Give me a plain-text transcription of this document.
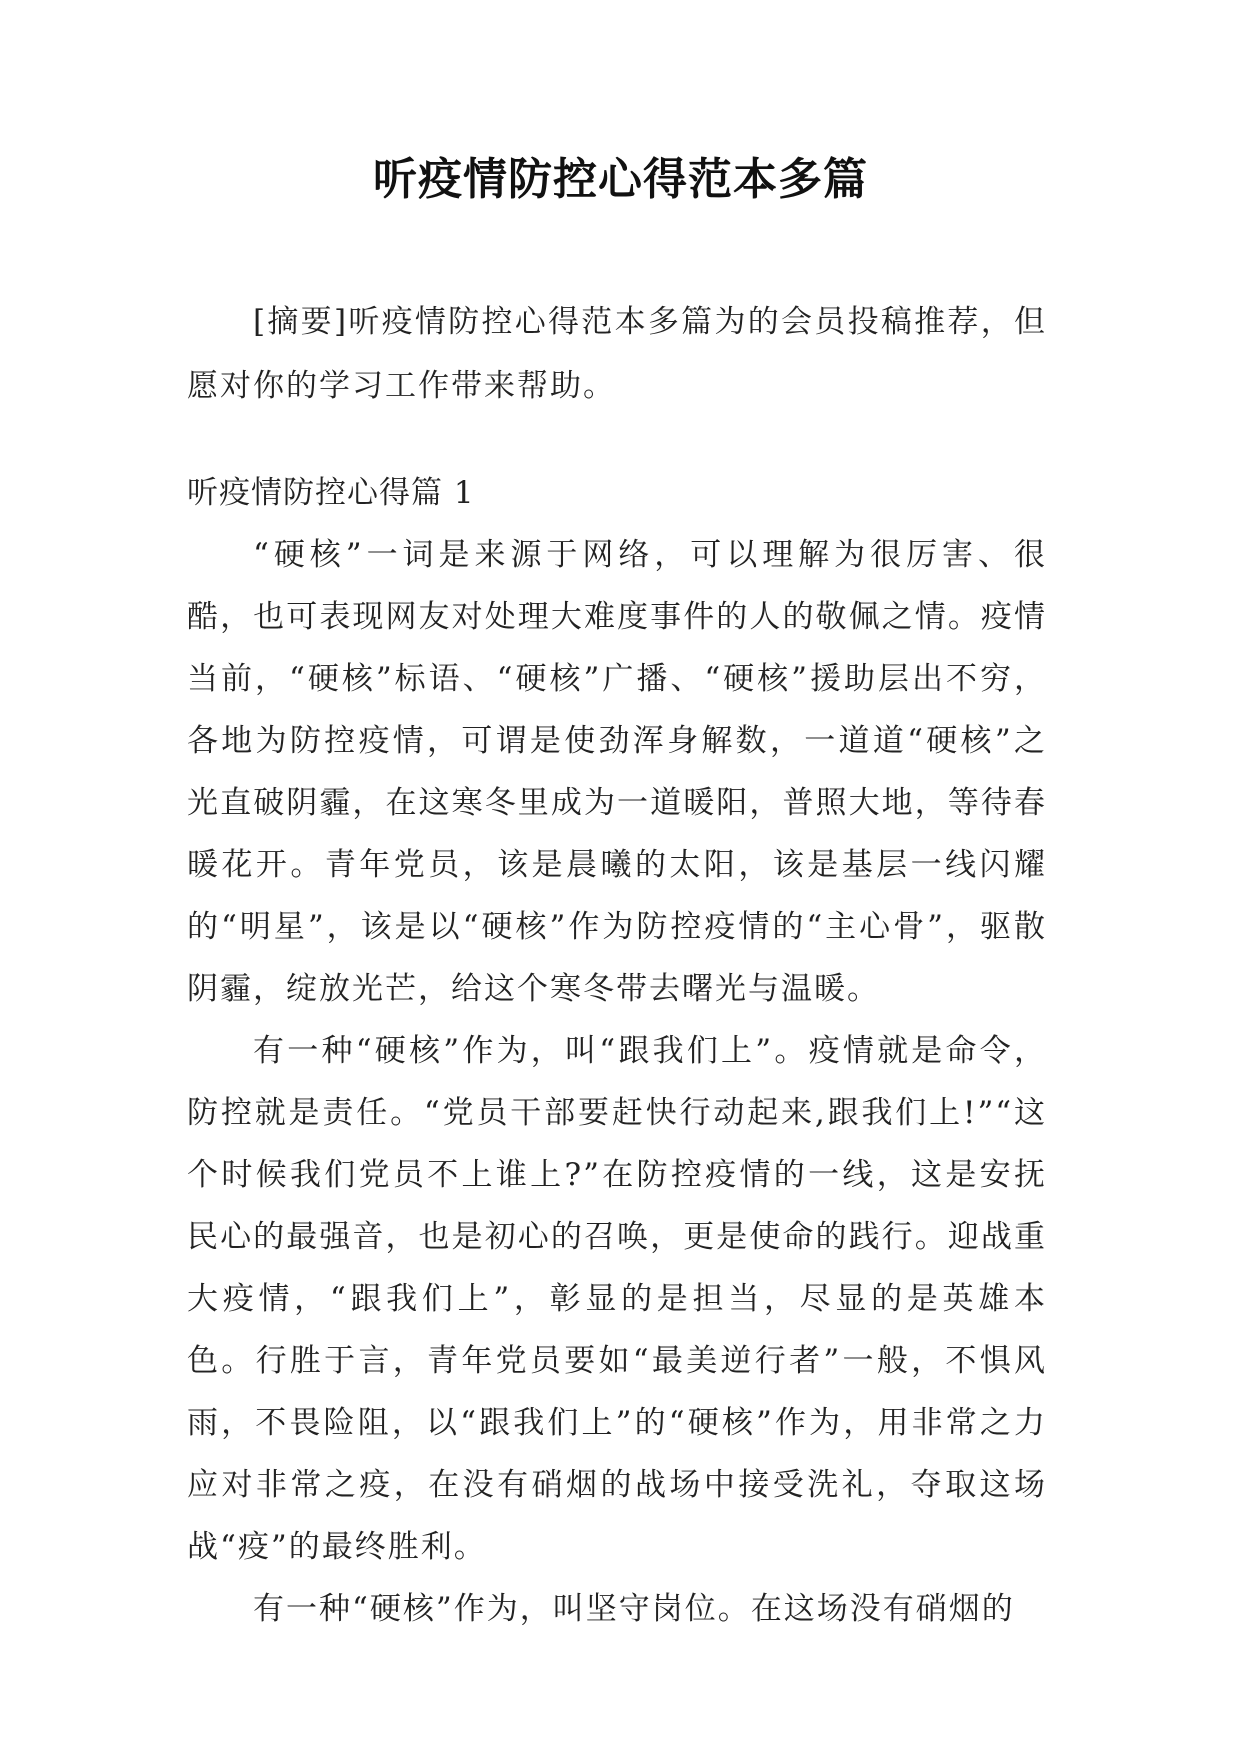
听疫情防控心得范本多篇
[摘要]听疫情防控心得范本多篇为的会员投稿推荐，但愿对你的学习工作带来帮助。

听疫情防控心得篇 1

“硬核”一词是来源于网络，可以理解为很厉害、很酷，也可表现网友对处理大难度事件的人的敬佩之情。疫情当前，“硬核”标语、“硬核”广播、“硬核”援助层出不穷，各地为防控疫情，可谓是使劲浑身解数，一道道“硬核”之光直破阴霾，在这寒冬里成为一道暖阳，普照大地，等待春暖花开。青年党员，该是晨曦的太阳，该是基层一线闪耀的“明星”，该是以“硬核”作为防控疫情的“主心骨”，驱散阴霾，绽放光芒，给这个寒冬带去曙光与温暖。

有一种“硬核”作为，叫“跟我们上”。疫情就是命令，防控就是责任。“党员干部要赶快行动起来,跟我们上!”“这个时候我们党员不上谁上?”在防控疫情的一线，这是安抚民心的最强音，也是初心的召唤，更是使命的践行。迎战重大疫情，“跟我们上”，彰显的是担当，尽显的是英雄本色。行胜于言，青年党员要如“最美逆行者”一般，不惧风雨，不畏险阻，以“跟我们上”的“硬核”作为，用非常之力应对非常之疫，在没有硝烟的战场中接受洗礼，夺取这场战“疫”的最终胜利。

有一种“硬核”作为，叫坚守岗位。在这场没有硝烟的
